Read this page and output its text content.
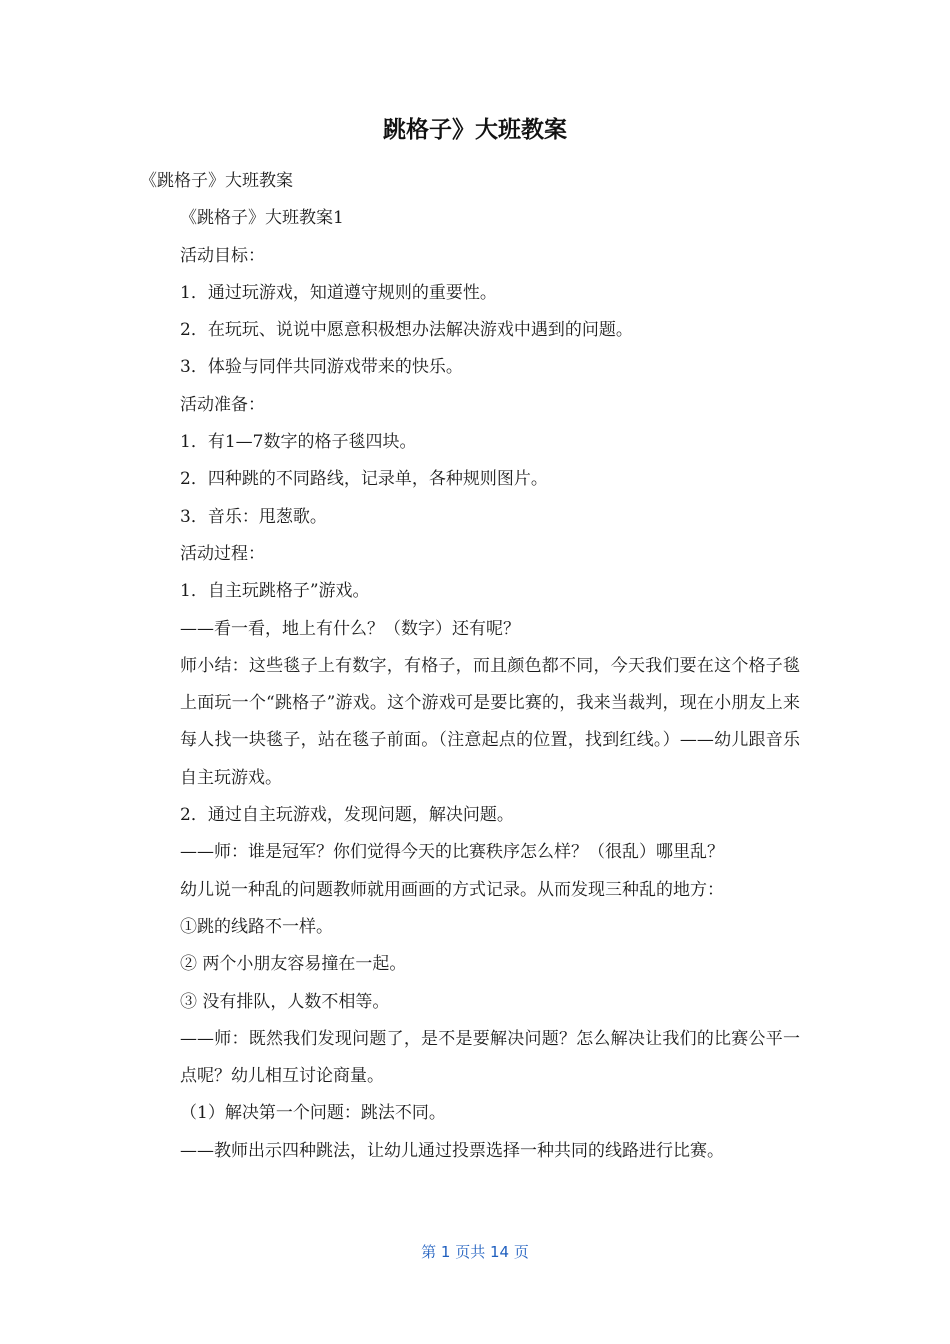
跳格子》大班教案

《跳格子》大班教案

《跳格子》大班教案1

活动目标：

1．通过玩游戏，知道遵守规则的重要性。

2．在玩玩、说说中愿意积极想办法解决游戏中遇到的问题。

3．体验与同伴共同游戏带来的快乐。

活动准备：

1．有1—7数字的格子毯四块。

2．四种跳的不同路线，记录单，各种规则图片。

3．音乐：甩葱歌。

活动过程：

1．自主玩跳格子”游戏。

——看一看，地上有什么？（数字）还有呢？

师小结：这些毯子上有数字，有格子，而且颜色都不同，今天我们要在这个格子毯上面玩一个“跳格子”游戏。这个游戏可是要比赛的，我来当裁判，现在小朋友上来每人找一块毯子，站在毯子前面。（注意起点的位置，找到红线。）——幼儿跟音乐自主玩游戏。

2．通过自主玩游戏，发现问题，解决问题。

——师：谁是冠军？你们觉得今天的比赛秩序怎么样？（很乱）哪里乱？

幼儿说一种乱的问题教师就用画画的方式记录。从而发现三种乱的地方：

①跳的线路不一样。

② 两个小朋友容易撞在一起。

③ 没有排队，人数不相等。

——师：既然我们发现问题了，是不是要解决问题？怎么解决让我们的比赛公平一点呢？幼儿相互讨论商量。

（1）解决第一个问题：跳法不同。

——教师出示四种跳法，让幼儿通过投票选择一种共同的线路进行比赛。

第 1 页共 14 页
